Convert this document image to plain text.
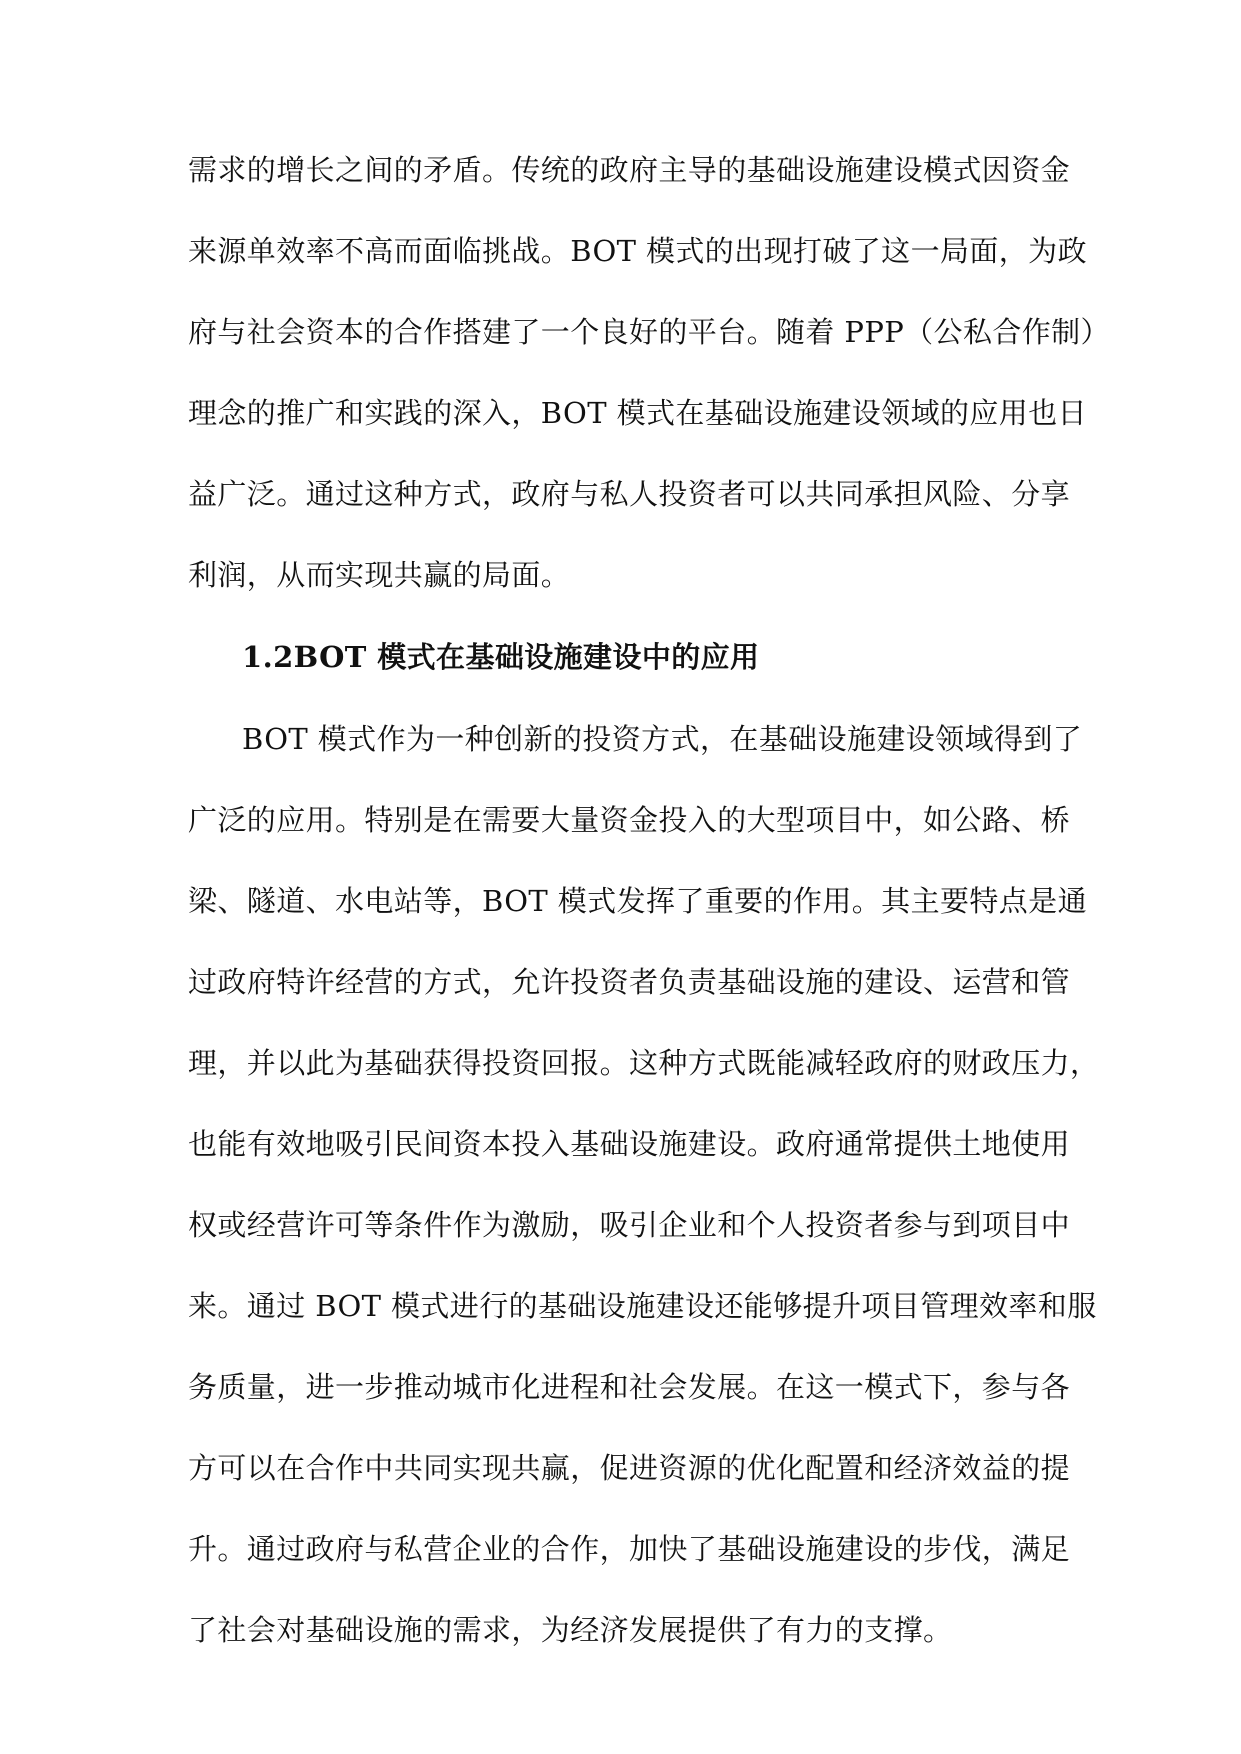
需求的增长之间的矛盾。传统的政府主导的基础设施建设模式因资金
来源单效率不高而面临挑战。BOT 模式的出现打破了这一局面，为政
府与社会资本的合作搭建了一个良好的平台。随着 PPP（公私合作制）
理念的推广和实践的深入，BOT 模式在基础设施建设领域的应用也日
益广泛。通过这种方式，政府与私人投资者可以共同承担风险、分享
利润，从而实现共赢的局面。
1.2BOT 模式在基础设施建设中的应用
BOT 模式作为一种创新的投资方式，在基础设施建设领域得到了
广泛的应用。特别是在需要大量资金投入的大型项目中，如公路、桥
梁、隧道、水电站等，BOT 模式发挥了重要的作用。其主要特点是通
过政府特许经营的方式，允许投资者负责基础设施的建设、运营和管
理，并以此为基础获得投资回报。这种方式既能减轻政府的财政压力，
也能有效地吸引民间资本投入基础设施建设。政府通常提供土地使用
权或经营许可等条件作为激励，吸引企业和个人投资者参与到项目中
来。通过 BOT 模式进行的基础设施建设还能够提升项目管理效率和服
务质量，进一步推动城市化进程和社会发展。在这一模式下，参与各
方可以在合作中共同实现共赢，促进资源的优化配置和经济效益的提
升。通过政府与私营企业的合作，加快了基础设施建设的步伐，满足
了社会对基础设施的需求，为经济发展提供了有力的支撑。
